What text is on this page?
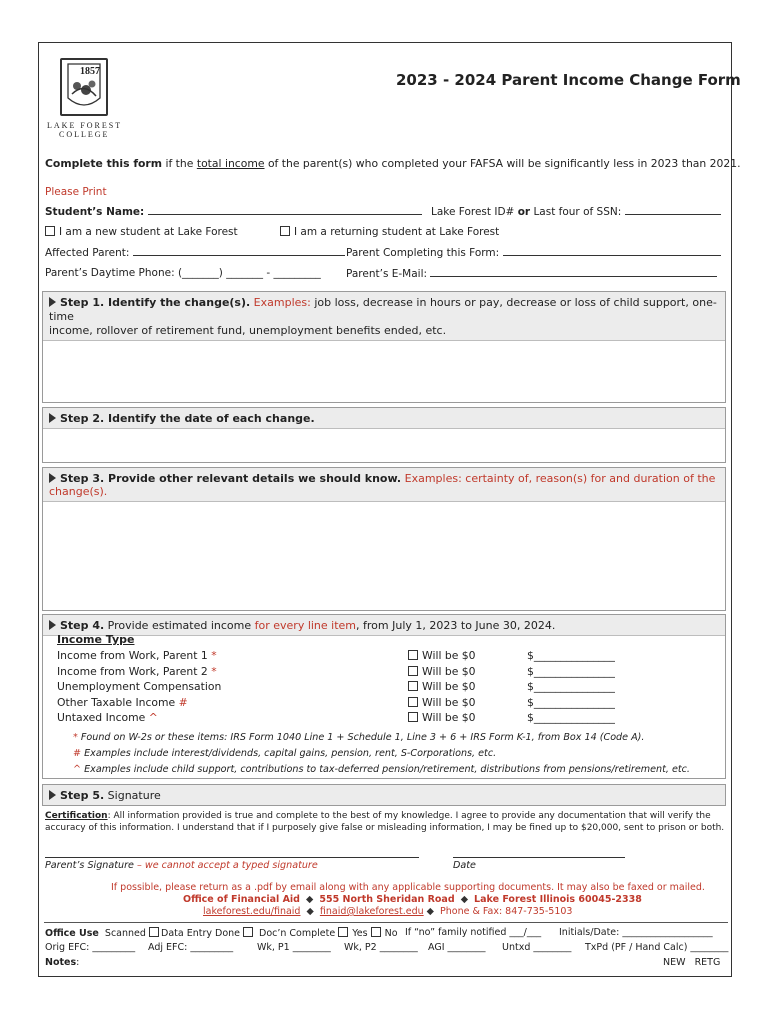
1857
LAKE FOREST
COLLEGE
2023 - 2024 Parent Income Change Form
Complete this form if the total income of the parent(s) who completed your FAFSA will be significantly less in 2023 than 2021.
Please Print
Student’s Name:	Lake Forest ID# or Last four of SSN:
I am a new student at Lake Forest	I am a returning student at Lake Forest
Affected Parent:	Parent Completing this Form:
Parent’s Daytime Phone: (_______) _______ - _________ Parent’s E-Mail:
Step 1. Identify the change(s). Examples: job loss, decrease in hours or pay, decrease or loss of child support, one-time
income, rollover of retirement fund, unemployment benefits ended, etc.
Step 2. Identify the date of each change.
Step 3. Provide other relevant details we should know. Examples: certainty of, reason(s) for and duration of the change(s).
Step 4. Provide estimated income for every line item, from July 1, 2023 to June 30, 2024.
Income Type
Income from Work, Parent 1 *	Will be $0	$_______________
Income from Work, Parent 2 *	Will be $0	$_______________
Unemployment Compensation	Will be $0	$_______________
Other Taxable Income #	Will be $0	$_______________
Untaxed Income ^	Will be $0	$_______________
* Found on W-2s or these items: IRS Form 1040 Line 1 + Schedule 1, Line 3 + 6 + IRS Form K-1, from Box 14 (Code A).
# Examples include interest/dividends, capital gains, pension, rent, S-Corporations, etc.
^ Examples include child support, contributions to tax-deferred pension/retirement, distributions from pensions/retirement, etc.
Step 5. Signature
Certification: All information provided is true and complete to the best of my knowledge. I agree to provide any documentation that will verify the
accuracy of this information. I understand that if I purposely give false or misleading information, I may be fined up to $20,000, sent to prison or both.
Parent’s Signature – we cannot accept a typed signature	Date
If possible, please return as a .pdf by email along with any applicable supporting documents. It may also be faxed or mailed.
Office of Financial Aid ◆ 555 North Sheridan Road ◆ Lake Forest Illinois 60045-2338
lakeforest.edu/finaid ◆ finaid@lakeforest.edu ◆ Phone & Fax: 847-735-5103
Office Use Scanned	Data Entry Done	Doc’n Complete Yes No If “no” family notified ___/___ Initials/Date: ___________________
Orig EFC: _________ Adj EFC: _________	Wk, P1 ________ Wk, P2 ________ AGI ________ Untxd ________ TxPd (PF / Hand Calc) ________
Notes:	NEW RETG
